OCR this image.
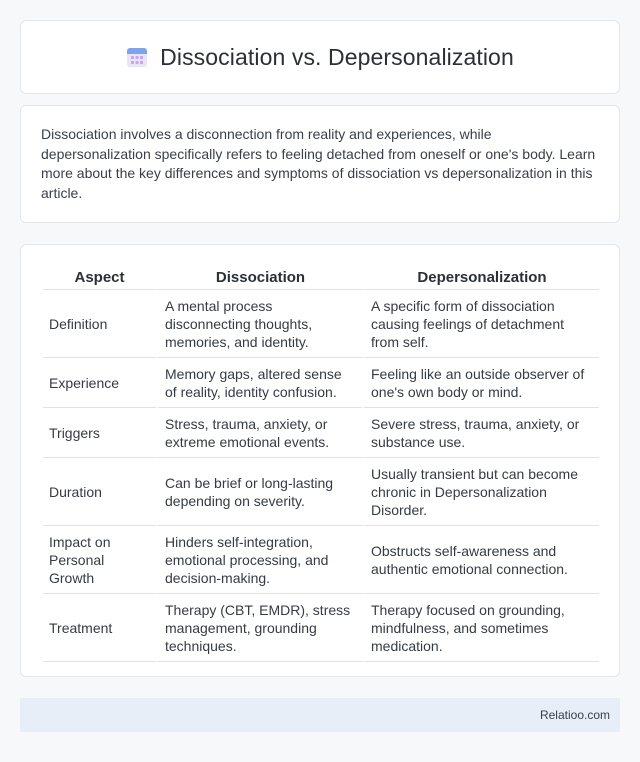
Dissociation vs. Depersonalization

Dissociation involves a disconnection from reality and experiences, while depersonalization specifically refers to feeling detached from oneself or one's body. Learn more about the key differences and symptoms of dissociation vs depersonalization in this article.

Aspect	Dissociation	Depersonalization
Definition	A mental process disconnecting thoughts, memories, and identity.	A specific form of dissociation causing feelings of detachment from self.
Experience	Memory gaps, altered sense of reality, identity confusion.	Feeling like an outside observer of one's own body or mind.
Triggers	Stress, trauma, anxiety, or extreme emotional events.	Severe stress, trauma, anxiety, or substance use.
Duration	Can be brief or long-lasting depending on severity.	Usually transient but can become chronic in Depersonalization Disorder.
Impact on Personal Growth	Hinders self-integration, emotional processing, and decision-making.	Obstructs self-awareness and authentic emotional connection.
Treatment	Therapy (CBT, EMDR), stress management, grounding techniques.	Therapy focused on grounding, mindfulness, and sometimes medication.
Relatioo.com
